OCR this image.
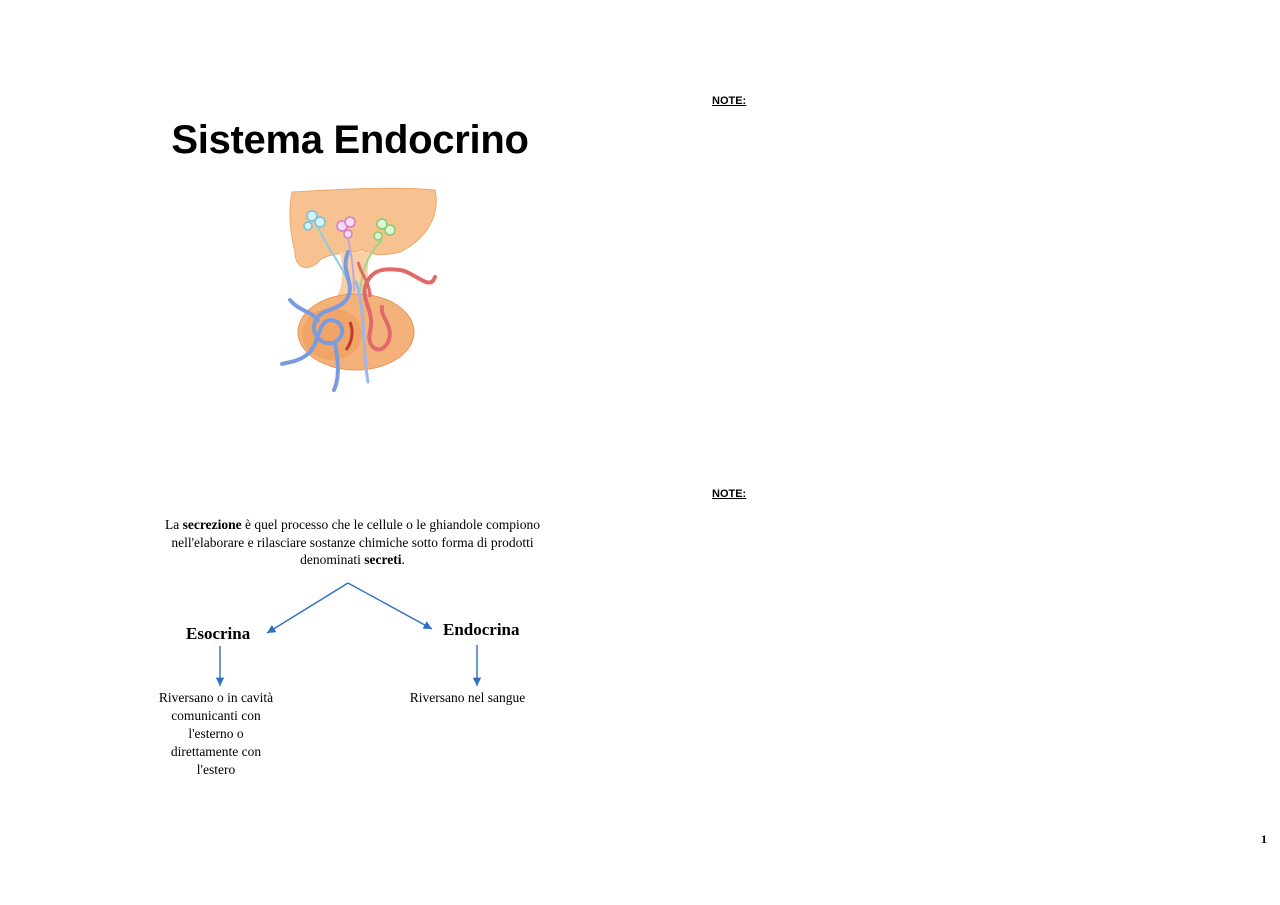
Sistema Endocrino
NOTE:
NOTE:
La secrezione è quel processo che le cellule o le ghiandole compiono nell'elaborare e rilasciare sostanze chimiche sotto forma di prodotti denominati secreti.
Esocrina	Endocrina
Riversano o in cavità
comunicanti con
l'esterno o
direttamente con
l'estero
Riversano nel sangue
1
